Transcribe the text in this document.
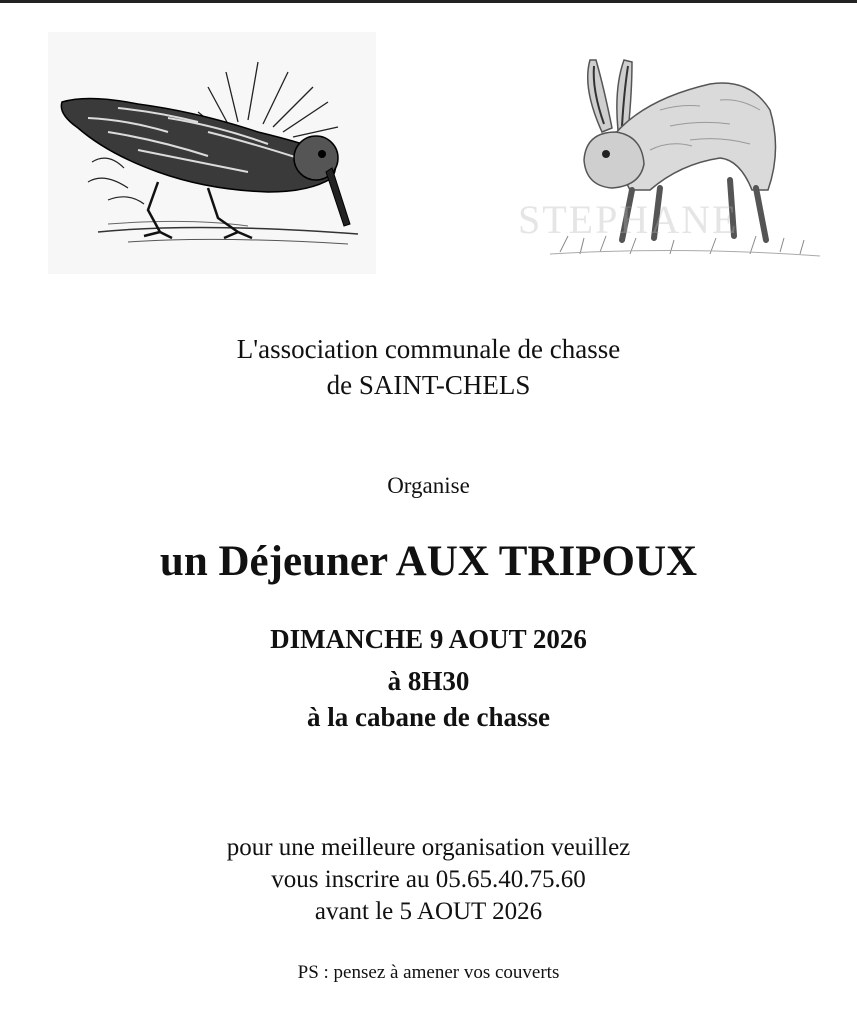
STEPHANE
L'association communale de chasse
de SAINT-CHELS
Organise
un Déjeuner AUX TRIPOUX
DIMANCHE 9 AOUT 2026
à 8H30
à la cabane de chasse
pour une meilleure organisation veuillez
vous inscrire au 05.65.40.75.60
avant le 5 AOUT 2026
PS : pensez à amener vos couverts
